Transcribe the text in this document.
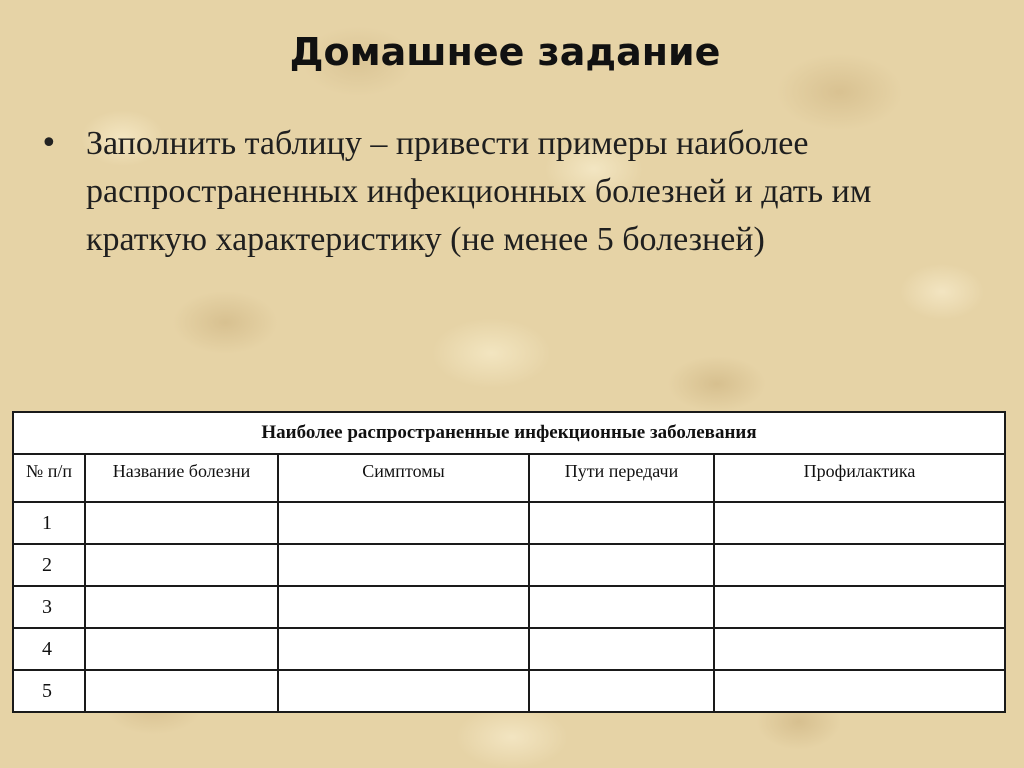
Домашнее задание
• Заполнить таблицу – привести примеры наиболее распространенных инфекционных болезней и дать им краткую характеристику (не менее 5 болезней)

Наиболее распространенные инфекционные заболевания				
№ п/п	Название болезни	Симптомы	Пути передачи	Профилактика
1				
2				
3				
4				
5				
